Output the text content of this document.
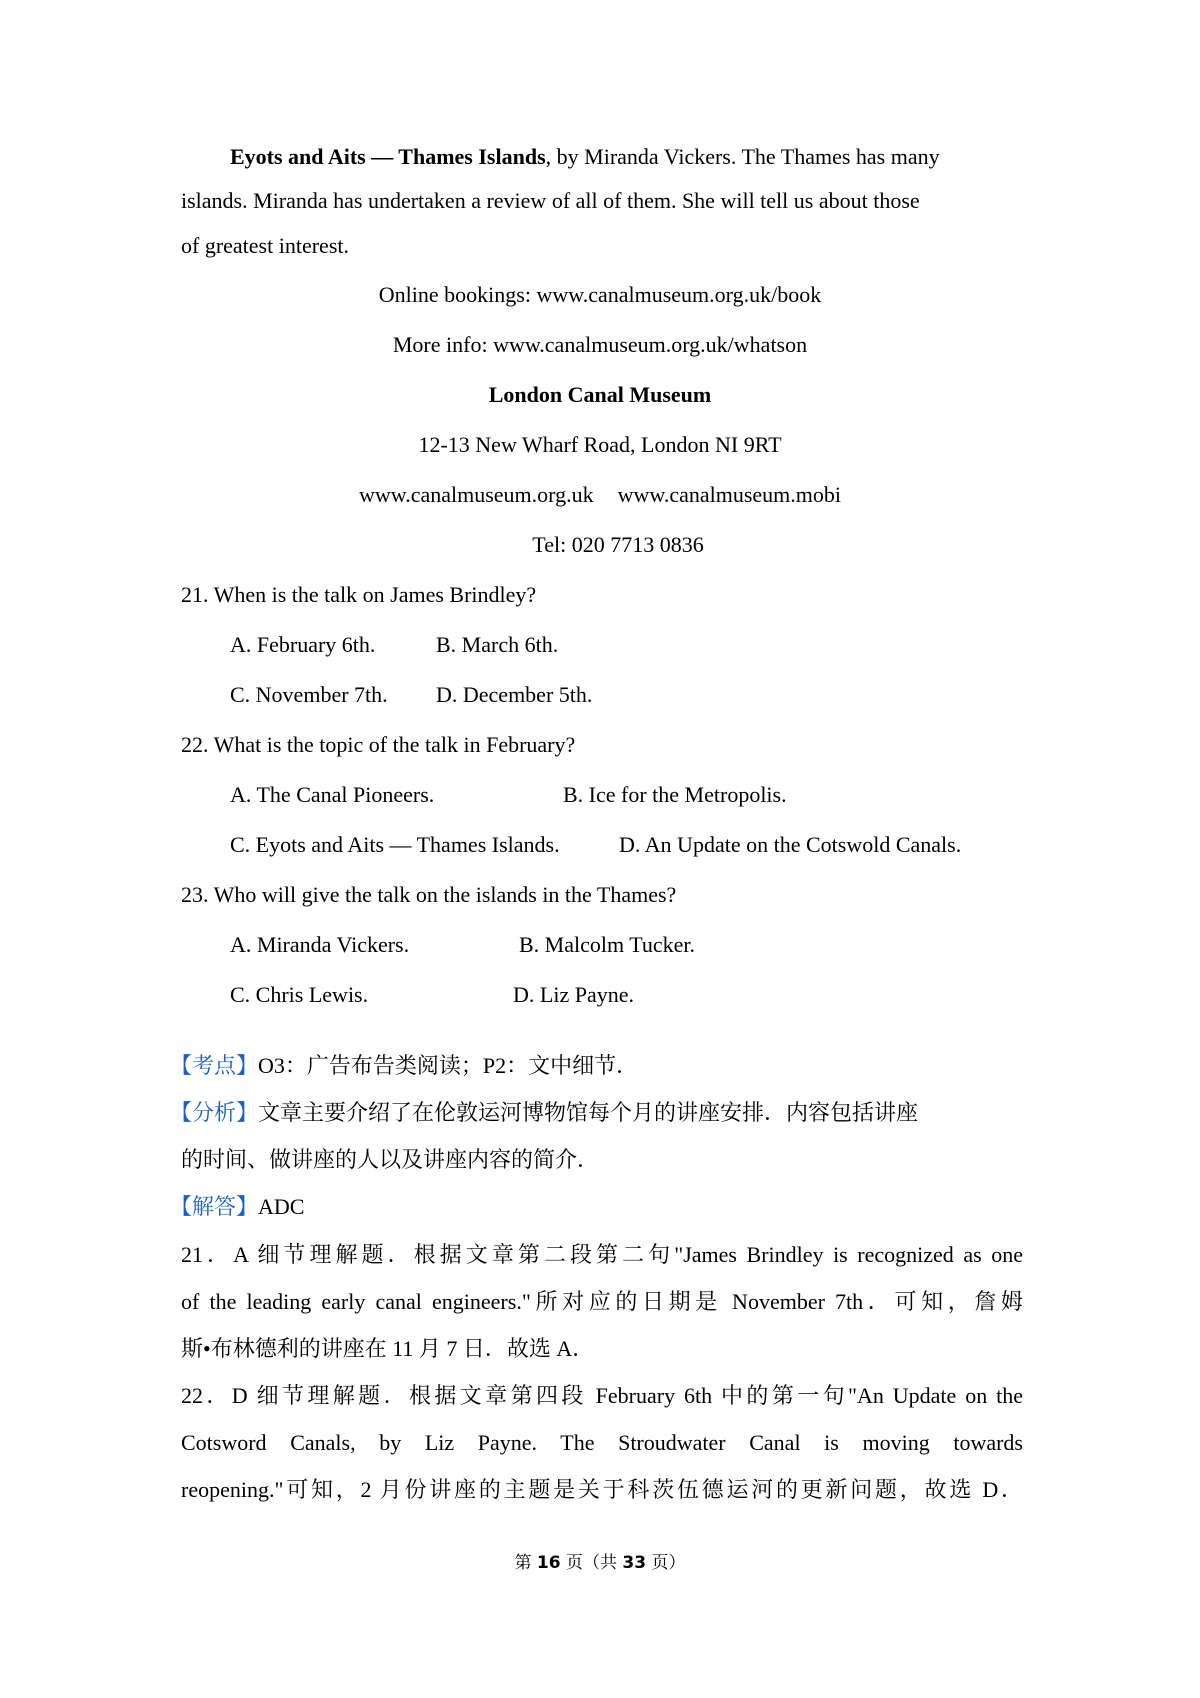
Eyots and Aits — Thames Islands, by Miranda Vickers. The Thames has many
islands. Miranda has undertaken a review of all of them. She will tell us about those
of greatest interest.
Online bookings: www.canalmuseum.org.uk/book
More info: www.canalmuseum.org.uk/whatson
London Canal Museum
12-13 New Wharf Road, London NI 9RT
www.canalmuseum.org.uk www.canalmuseum.mobi
Tel: 020 7713 0836
21. When is the talk on James Brindley?
A. February 6th.	B. March 6th.
C. November 7th. D. December 5th.
22. What is the topic of the talk in February?
A. The Canal Pioneers.	B. Ice for the Metropolis.
C. Eyots and Aits — Thames Islands.	D. An Update on the Cotswold Canals.
23. Who will give the talk on the islands in the Thames?
A. Miranda Vickers.	B. Malcolm Tucker.
C. Chris Lewis.	D. Liz Payne.
【考点】O3：广告布告类阅读；P2：文中细节．
【分析】文章主要介绍了在伦敦运河博物馆每个月的讲座安排．内容包括讲座
的时间、做讲座的人以及讲座内容的简介．
【解答】ADC
21．A 细节理解题．根据文章第二段第二句"James Brindley is recognized as one
of the leading early canal engineers."所对应的日期是 November 7th．可知，詹姆
斯•布林德利的讲座在 11 月 7 日．故选 A．
22．D 细节理解题．根据文章第四段 February 6th 中的第一句"An Update on the
Cotsword Canals, by Liz Payne. The Stroudwater Canal is moving towards
reopening."可知，2 月份讲座的主题是关于科茨伍德运河的更新问题，故选 D．
第 16 页（共 33 页）
